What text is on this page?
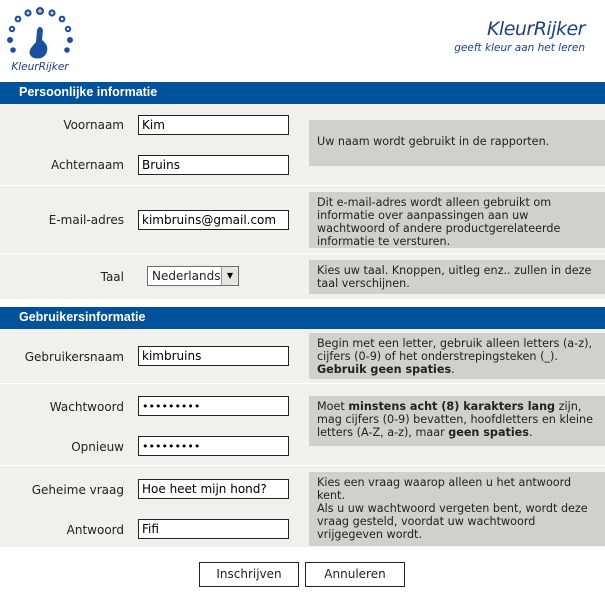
KleurRijker
KleurRijker
geeft kleur aan het leren
Persoonlijke informatie
Voornaam
Kim
Achternaam
Bruins
Uw naam wordt gebruikt in de rapporten.
E-mail-adres
kimbruins@gmail.com
Dit e-mail-adres wordt alleen gebruikt om informatie over aanpassingen aan uw wachtwoord of andere productgerelateerde informatie te versturen.
Taal Nederlands ▼	Kies uw taal. Knoppen, uitleg enz.. zullen in deze taal verschijnen.
Gebruikersinformatie
Gebruikersnaam
kimbruins
Begin met een letter, gebruik alleen letters (a-z), cijfers (0-9) of het onderstrepingsteken (_). Gebruik geen spaties.
Wachtwoord
•••••••••
Opnieuw
•••••••••
Moet minstens acht (8) karakters lang zijn, mag cijfers (0-9) bevatten, hoofdletters en kleine letters (A-Z, a-z), maar geen spaties.
Geheime vraag
Hoe heet mijn hond?
Antwoord
Fifi
Kies een vraag waarop alleen u het antwoord kent.
Als u uw wachtwoord vergeten bent, wordt deze vraag gesteld, voordat uw wachtwoord vrijgegeven wordt.
Inschrijven	Annuleren
